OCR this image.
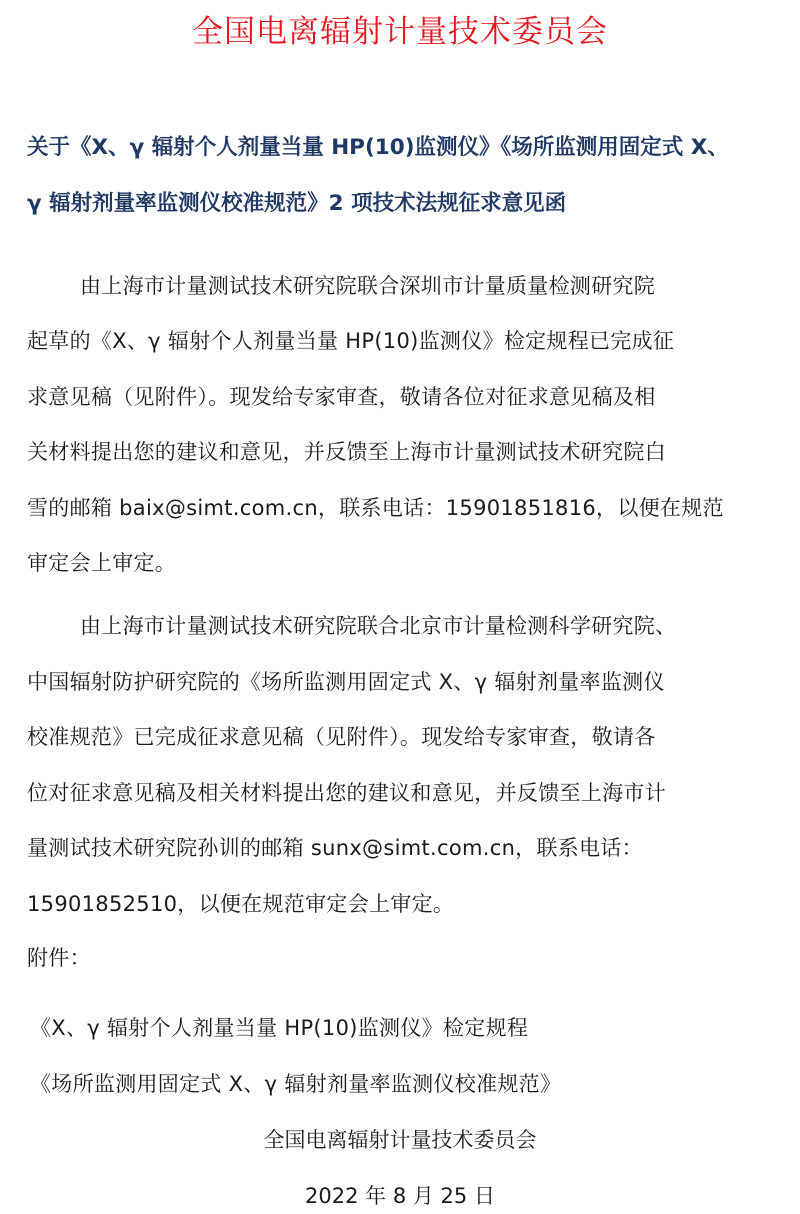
全国电离辐射计量技术委员会
关于《X、γ 辐射个人剂量当量 HP(10)监测仪》《场所监测用固定式 X、
γ 辐射剂量率监测仪校准规范》2 项技术法规征求意见函
由上海市计量测试技术研究院联合深圳市计量质量检测研究院
起草的《X、γ 辐射个人剂量当量 HP(10)监测仪》检定规程已完成征
求意见稿（见附件）。现发给专家审查，敬请各位对征求意见稿及相
关材料提出您的建议和意见，并反馈至上海市计量测试技术研究院白
雪的邮箱 baix@simt.com.cn，联系电话：15901851816，以便在规范
审定会上审定。
由上海市计量测试技术研究院联合北京市计量检测科学研究院、
中国辐射防护研究院的《场所监测用固定式 X、γ 辐射剂量率监测仪
校准规范》已完成征求意见稿（见附件）。现发给专家审查，敬请各
位对征求意见稿及相关材料提出您的建议和意见，并反馈至上海市计
量测试技术研究院孙训的邮箱 sunx@simt.com.cn，联系电话：
15901852510，以便在规范审定会上审定。
附件：
《X、γ 辐射个人剂量当量 HP(10)监测仪》检定规程
《场所监测用固定式 X、γ 辐射剂量率监测仪校准规范》
全国电离辐射计量技术委员会
2022 年 8 月 25 日
